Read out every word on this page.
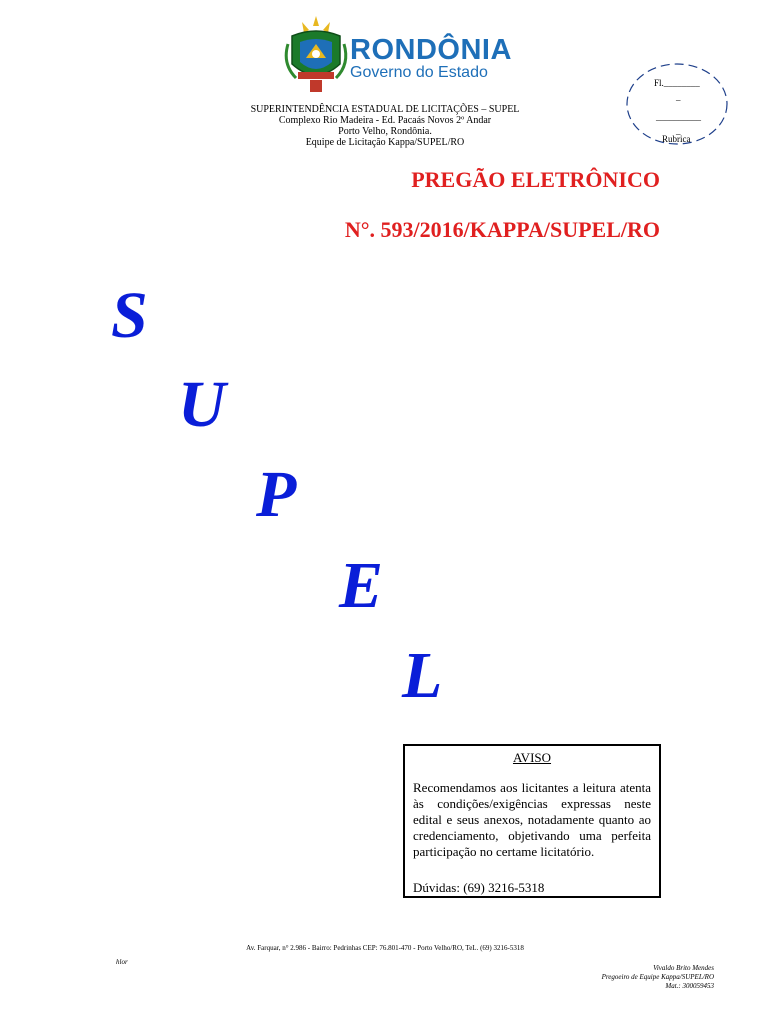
RONDÔNIA
Governo do Estado
SUPERINTENDÊNCIA ESTADUAL DE LICITAÇÕES – SUPEL
Complexo Rio Madeira - Ed. Pacaás Novos 2º Andar
Porto Velho, Rondônia.
Equipe de Licitação Kappa/SUPEL/RO
Fl.________
_
__________
_
Rubrica
PREGÃO ELETRÔNICO
N°. 593/2016/KAPPA/SUPEL/RO
S
U
P
E
L
AVISO
Recomendamos aos licitantes a leitura atenta às condições/exigências expressas neste edital e seus anexos, notadamente quanto ao credenciamento, objetivando uma perfeita participação no certame licitatório.
Dúvidas: (69) 3216-5318
Av. Farquar, n° 2.986 - Bairro: Pedrinhas CEP: 76.801-470 - Porto Velho/RO, TeL. (69) 3216-5318
hlor
Vivaldo Brito Mendes
Pregoeiro de Equipe Kappa/SUPEL/RO
Mat.: 300059453
